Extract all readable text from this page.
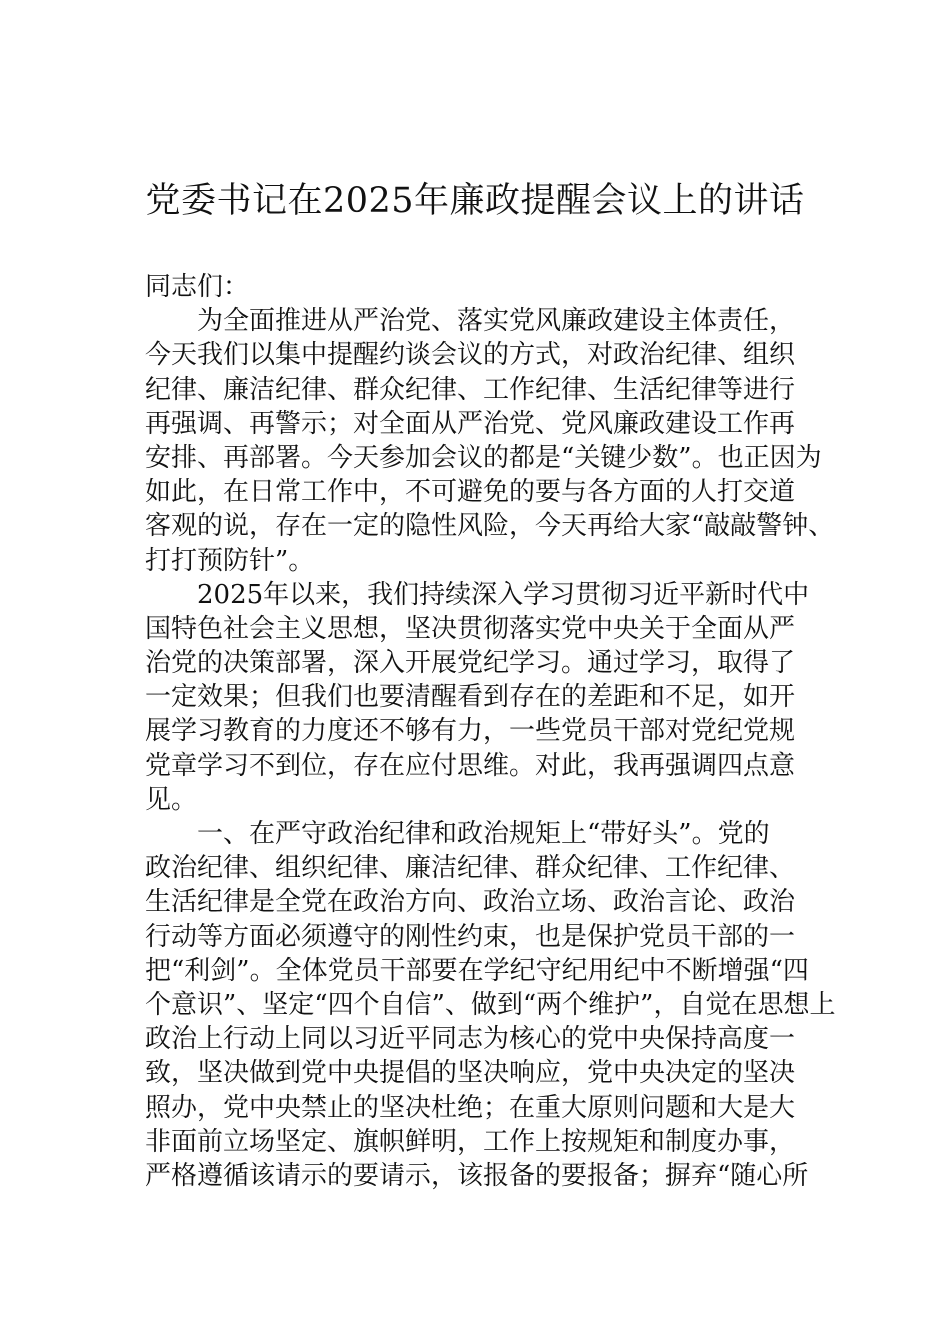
党委书记在2025年廉政提醒会议上的讲话
同志们：
为全面推进从严治党、落实党风廉政建设主体责任，
今天我们以集中提醒约谈会议的方式，对政治纪律、组织
纪律、廉洁纪律、群众纪律、工作纪律、生活纪律等进行
再强调、再警示；对全面从严治党、党风廉政建设工作再
安排、再部署。今天参加会议的都是“关键少数”。也正因为
如此，在日常工作中，不可避免的要与各方面的人打交道
客观的说，存在一定的隐性风险，今天再给大家“敲敲警钟、
打打预防针”。
2025年以来，我们持续深入学习贯彻习近平新时代中
国特色社会主义思想，坚决贯彻落实党中央关于全面从严
治党的决策部署，深入开展党纪学习。通过学习，取得了
一定效果；但我们也要清醒看到存在的差距和不足，如开
展学习教育的力度还不够有力，一些党员干部对党纪党规
党章学习不到位，存在应付思维。对此，我再强调四点意
见。
一、在严守政治纪律和政治规矩上“带好头”。党的
政治纪律、组织纪律、廉洁纪律、群众纪律、工作纪律、
生活纪律是全党在政治方向、政治立场、政治言论、政治
行动等方面必须遵守的刚性约束，也是保护党员干部的一
把“利剑”。全体党员干部要在学纪守纪用纪中不断增强“四
个意识”、坚定“四个自信”、做到“两个维护”，自觉在思想上
政治上行动上同以习近平同志为核心的党中央保持高度一
致，坚决做到党中央提倡的坚决响应，党中央决定的坚决
照办，党中央禁止的坚决杜绝；在重大原则问题和大是大
非面前立场坚定、旗帜鲜明，工作上按规矩和制度办事，
严格遵循该请示的要请示，该报备的要报备；摒弃“随心所
